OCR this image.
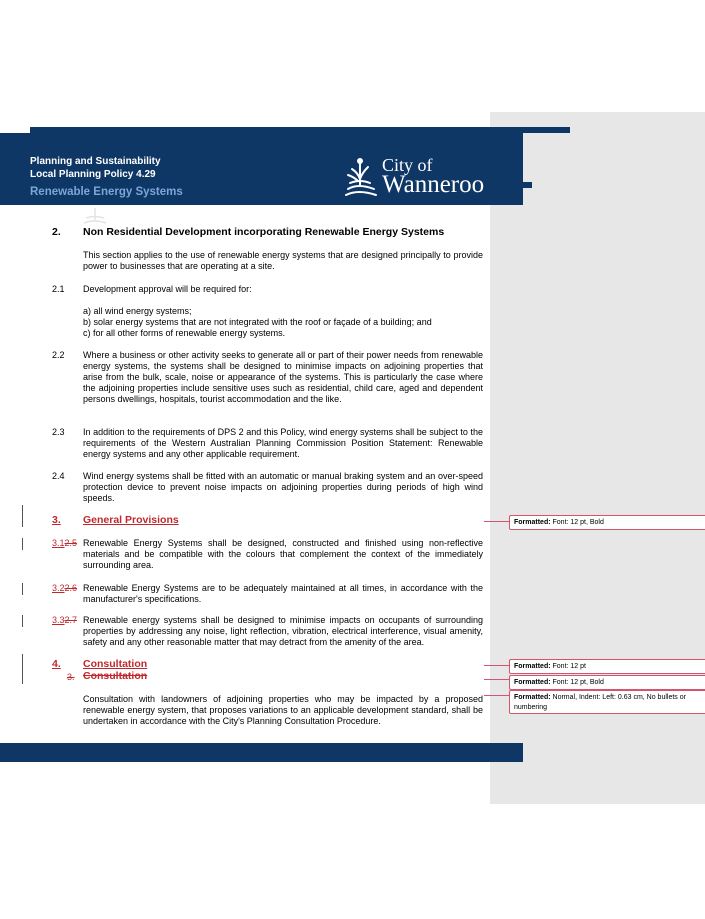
Planning and Sustainability
Local Planning Policy 4.29
Renewable Energy Systems
City of
Wanneroo
2. Non Residential Development incorporating Renewable Energy Systems
This section applies to the use of renewable energy systems that are designed principally to provide power to businesses that are operating at a site.
2.1 Development approval will be required for:
a) all wind energy systems;
b) solar energy systems that are not integrated with the roof or façade of a building; and
c) for all other forms of renewable energy systems.
2.2 Where a business or other activity seeks to generate all or part of their power needs from renewable energy systems, the systems shall be designed to minimise impacts on adjoining properties that arise from the bulk, scale, noise or appearance of the systems. This is particularly the case where the adjoining properties include sensitive uses such as residential, child care, aged and dependent persons dwellings, hospitals, tourist accommodation and the like.
2.3 In addition to the requirements of DPS 2 and this Policy, wind energy systems shall be subject to the requirements of the Western Australian Planning Commission Position Statement: Renewable energy systems and any other applicable requirement.
2.4 Wind energy systems shall be fitted with an automatic or manual braking system and an over-speed protection device to prevent noise impacts on adjoining properties during periods of high wind speeds.
3. General Provisions
3.12.5 Renewable Energy Systems shall be designed, constructed and finished using non-reflective materials and be compatible with the colours that complement the context of the immediately surrounding area.
3.22.6 Renewable Energy Systems are to be adequately maintained at all times, in accordance with the manufacturer's specifications.
3.32.7 Renewable energy systems shall be designed to minimise impacts on occupants of surrounding properties by addressing any noise, light reflection, vibration, electrical interference, visual amenity, safety and any other reasonable matter that may detract from the amenity of the area.
4. Consultation
3. Consultation
Consultation with landowners of adjoining properties who may be impacted by a proposed renewable energy system, that proposes variations to an applicable development standard, shall be undertaken in accordance with the City's Planning Consultation Procedure.
Formatted: Font: 12 pt, Bold
Formatted: Font: 12 pt
Formatted: Font: 12 pt, Bold
Formatted: Normal, Indent: Left: 0.63 cm, No bullets or numbering
